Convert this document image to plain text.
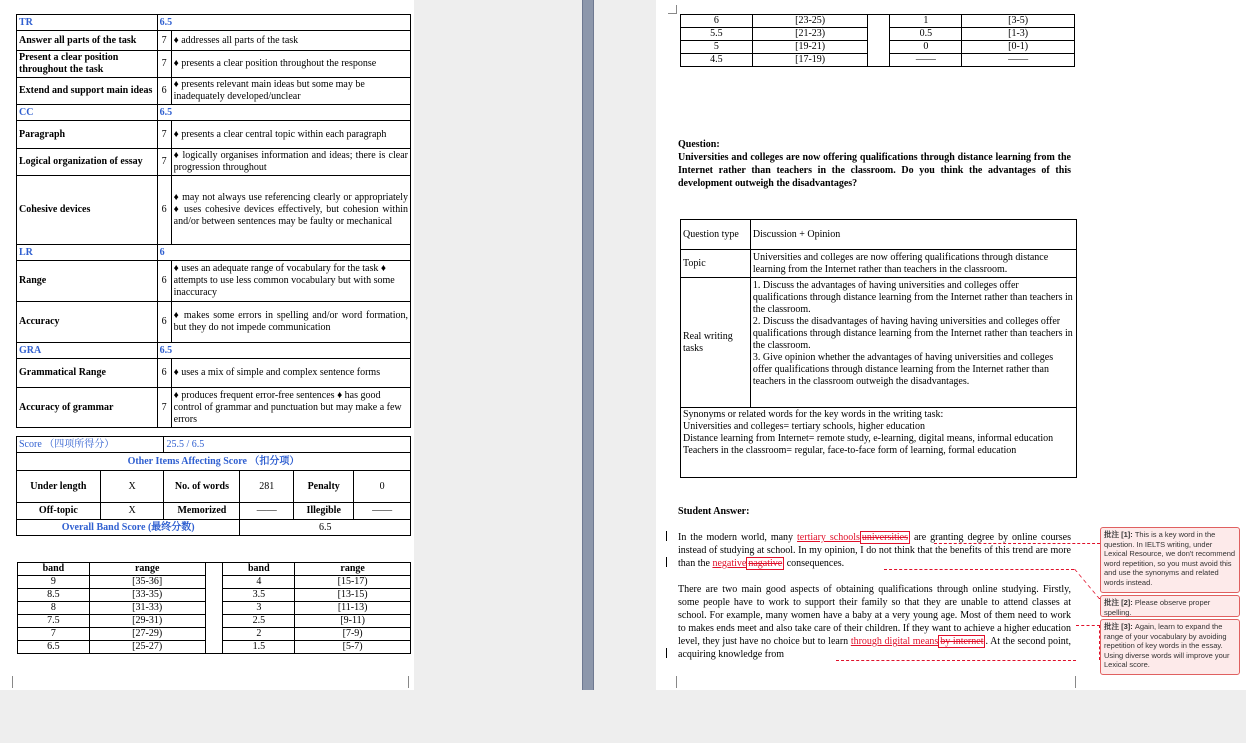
TR	6.5	
Answer all parts of the task	7	♦ addresses all parts of the task
Present a clear position throughout the task	7	♦ presents a clear position throughout the response
Extend and support main ideas	6	♦ presents relevant main ideas but some may be inadequately developed/unclear
CC	6.5	
Paragraph	7	♦ presents a clear central topic within each paragraph
Logical organization of essay	7	♦ logically organises information and ideas; there is clear progression throughout
Cohesive devices	6	♦ may not always use referencing clearly or appropriately ♦ uses cohesive devices effectively, but cohesion within and/or between sentences may be faulty or mechanical
LR	6	
Range	6	♦ uses an adequate range of vocabulary for the task ♦ attempts to use less common vocabulary but with some inaccuracy
Accuracy	6	♦ makes some errors in spelling and/or word formation, but they do not impede communication
GRA	6.5	
Grammatical Range	6	♦ uses a mix of simple and complex sentence forms
Accuracy of grammar	7	♦ produces frequent error-free sentences ♦ has good control of grammar and punctuation but may make a few errors
Score （四项所得分）		25.5 / 6.5			
Other Items Affecting Score （扣分项）					
Under length	X	No. of words	281	Penalty	0
Off-topic	X	Memorized	——	Illegible	——
Overall Band Score (最终分数)			6.5		
band	range		band	range
9	[35-36]		4	[15-17)
8.5	[33-35)		3.5	[13-15)
8	[31-33)		3	[11-13)
7.5	[29-31)		2.5	[9-11)
7	[27-29)		2	[7-9)
6.5	[25-27)		1.5	[5-7)
6	[23-25)		1	[3-5)
5.5	[21-23)		0.5	[1-3)
5	[19-21)		0	[0-1)
4.5	[17-19)		——	——
Question:
Universities and colleges are now offering qualifications through distance learning from the Internet rather than teachers in the classroom. Do you think the advantages of this development outweigh the disadvantages?
Question type	Discussion + Opinion
Topic	Universities and colleges are now offering qualifications through distance learning from the Internet rather than teachers in the classroom.
Real writing tasks	1. Discuss the advantages of having universities and colleges offer qualifications through distance learning from the Internet rather than teachers in the classroom.
2. Discuss the disadvantages of having having universities and colleges offer qualifications through distance learning from the Internet rather than teachers in the classroom.
3. Give opinion whether the advantages of having universities and colleges offer qualifications through distance learning from the Internet rather than teachers in the classroom outweigh the disadvantages.

Synonyms or related words for the key words in the writing task:
Universities and colleges= tertiary schools, higher education
Distance learning from Internet= remote study, e-learning, digital means, informal education
Teachers in the classroom= regular, face-to-face form of learning, formal education	
Student Answer:
In the modern world, many tertiary schools universities are granting degree by online courses instead of studying at school. In my opinion, I do not think that the benefits of this trend are more than the negative nagative consequences.
There are two main good aspects of obtaining qualifications through online studying. Firstly, some people have to work to support their family so that they are unable to attend classes at school. For example, many women have a baby at a very young age. Most of them need to work to makes ends meet and also take care of their children. If they want to achieve a higher education level, they just have no choice but to learn through digital means by internet . At the second point, acquiring knowledge from
批注 [1]: This is a key word in the question. In IELTS writing, under Lexical Resource, we don't recommend word repetition, so you must avoid this and use the synonyms and related words instead.
批注 [2]: Please observe proper spelling.
批注 [3]: Again, learn to expand the range of your vocabulary by avoiding repetition of key words in the essay. Using diverse words will improve your Lexical score.
